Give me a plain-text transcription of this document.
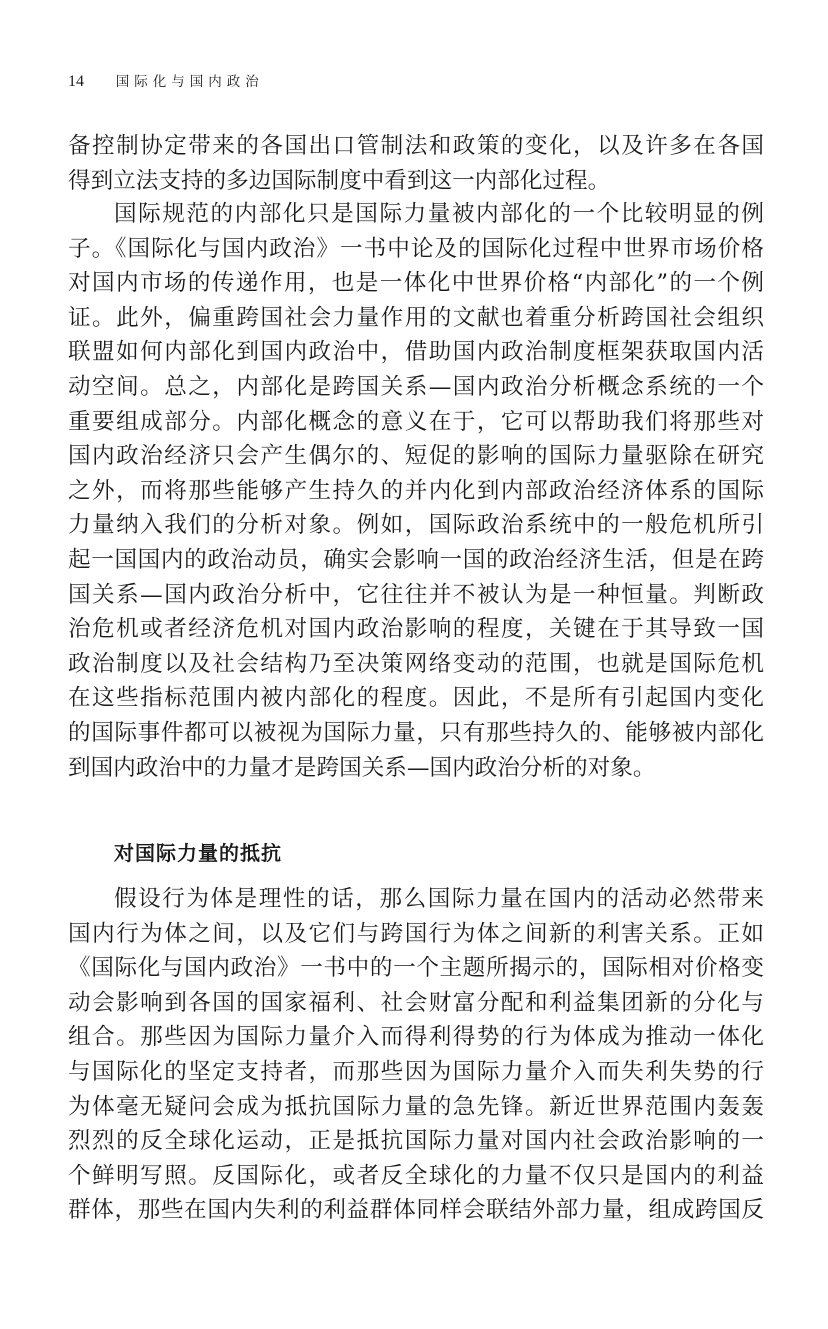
14 国际化与国内政治
备控制协定带来的各国出口管制法和政策的变化，以及许多在各国
得到立法支持的多边国际制度中看到这一内部化过程。
国际规范的内部化只是国际力量被内部化的一个比较明显的例
子。《国际化与国内政治》一书中论及的国际化过程中世界市场价格
对国内市场的传递作用，也是一体化中世界价格“内部化”的一个例
证。此外，偏重跨国社会力量作用的文献也着重分析跨国社会组织
联盟如何内部化到国内政治中，借助国内政治制度框架获取国内活
动空间。总之，内部化是跨国关系—国内政治分析概念系统的一个
重要组成部分。内部化概念的意义在于，它可以帮助我们将那些对
国内政治经济只会产生偶尔的、短促的影响的国际力量驱除在研究
之外，而将那些能够产生持久的并内化到内部政治经济体系的国际
力量纳入我们的分析对象。例如，国际政治系统中的一般危机所引
起一国国内的政治动员，确实会影响一国的政治经济生活，但是在跨
国关系—国内政治分析中，它往往并不被认为是一种恒量。判断政
治危机或者经济危机对国内政治影响的程度，关键在于其导致一国
政治制度以及社会结构乃至决策网络变动的范围，也就是国际危机
在这些指标范围内被内部化的程度。因此，不是所有引起国内变化
的国际事件都可以被视为国际力量，只有那些持久的、能够被内部化
到国内政治中的力量才是跨国关系—国内政治分析的对象。
对国际力量的抵抗
假设行为体是理性的话，那么国际力量在国内的活动必然带来
国内行为体之间，以及它们与跨国行为体之间新的利害关系。正如
《国际化与国内政治》一书中的一个主题所揭示的，国际相对价格变
动会影响到各国的国家福利、社会财富分配和利益集团新的分化与
组合。那些因为国际力量介入而得利得势的行为体成为推动一体化
与国际化的坚定支持者，而那些因为国际力量介入而失利失势的行
为体毫无疑问会成为抵抗国际力量的急先锋。新近世界范围内轰轰
烈烈的反全球化运动，正是抵抗国际力量对国内社会政治影响的一
个鲜明写照。反国际化，或者反全球化的力量不仅只是国内的利益
群体，那些在国内失利的利益群体同样会联结外部力量，组成跨国反
